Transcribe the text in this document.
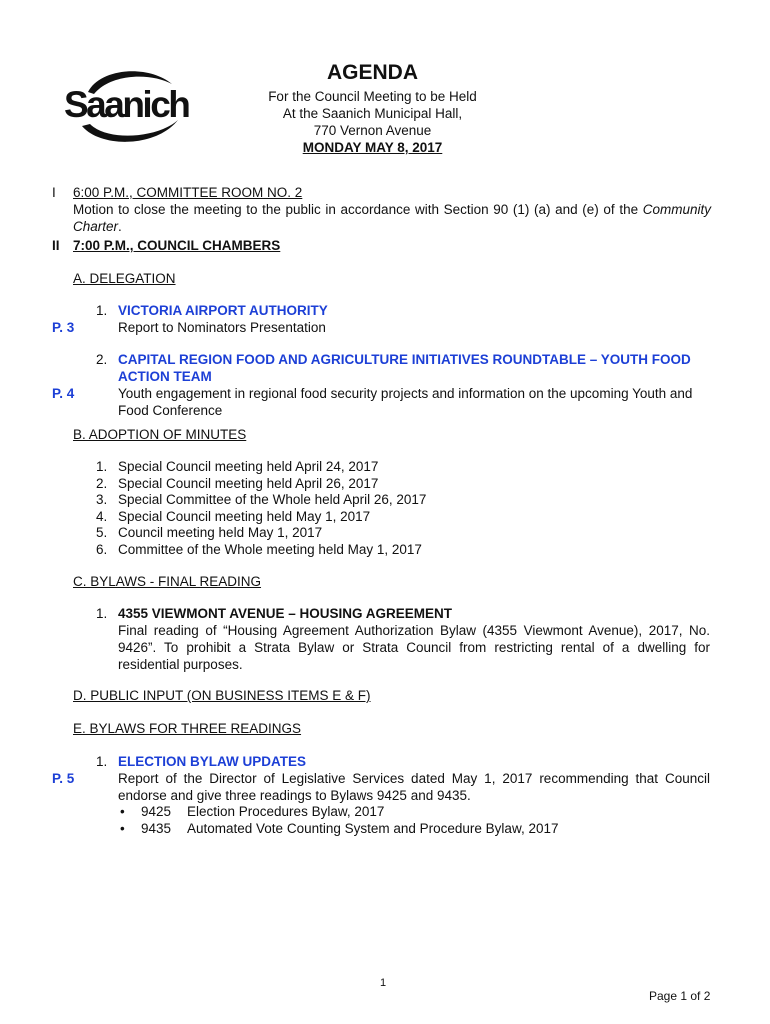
Saanich
AGENDA
For the Council Meeting to be Held
At the Saanich Municipal Hall,
770 Vernon Avenue
MONDAY MAY 8, 2017
I 6:00 P.M., COMMITTEE ROOM NO. 2
Motion to close the meeting to the public in accordance with Section 90 (1) (a) and (e) of the Community
Charter.
II 7:00 P.M., COUNCIL CHAMBERS
A. DELEGATION
1. VICTORIA AIRPORT AUTHORITY
P. 3	Report to Nominators Presentation
2. CAPITAL REGION FOOD AND AGRICULTURE INITIATIVES ROUNDTABLE – YOUTH FOOD
ACTION TEAM
P. 4	Youth engagement in regional food security projects and information on the upcoming Youth and
Food Conference
B. ADOPTION OF MINUTES
1. Special Council meeting held April 24, 2017
2. Special Council meeting held April 26, 2017
3. Special Committee of the Whole held April 26, 2017
4. Special Council meeting held May 1, 2017
5. Council meeting held May 1, 2017
6. Committee of the Whole meeting held May 1, 2017
C. BYLAWS - FINAL READING
1. 4355 VIEWMONT AVENUE – HOUSING AGREEMENT
Final reading of “Housing Agreement Authorization Bylaw (4355 Viewmont Avenue), 2017, No.
9426”. To prohibit a Strata Bylaw or Strata Council from restricting rental of a dwelling for
residential purposes.
D. PUBLIC INPUT (ON BUSINESS ITEMS E & F)
E. BYLAWS FOR THREE READINGS
1. ELECTION BYLAW UPDATES
P. 5	Report of the Director of Legislative Services dated May 1, 2017 recommending that Council
endorse and give three readings to Bylaws 9425 and 9435.
• 9425 Election Procedures Bylaw, 2017
• 9435 Automated Vote Counting System and Procedure Bylaw, 2017
1
Page 1 of 2
